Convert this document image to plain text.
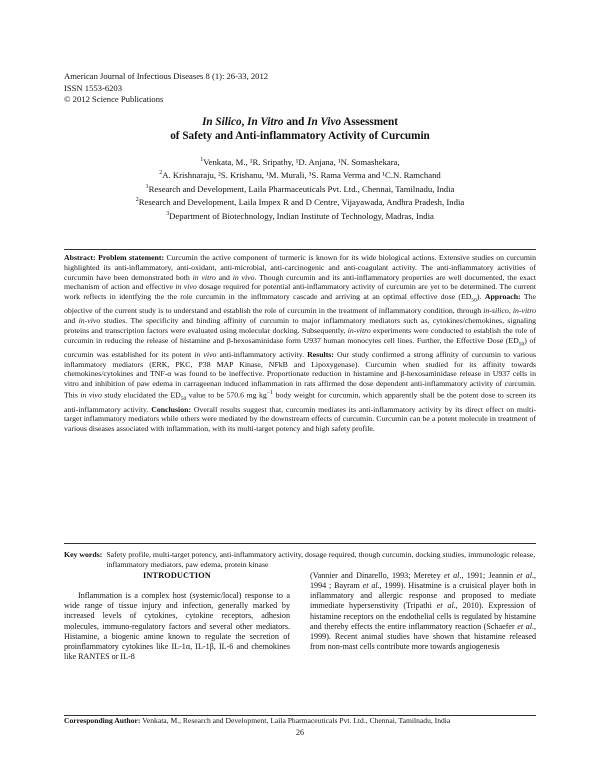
American Journal of Infectious Diseases 8 (1): 26-33, 2012
ISSN 1553-6203
© 2012 Science Publications
In Silico, In Vitro and In Vivo Assessment
of Safety and Anti-inflammatory Activity of Curcumin
$^1$Venkata, M., ¹R. Sripathy, ¹D. Anjana, ¹N. Somashekara,
$^2$A. Krishnaraju, ²S. Krishanu, ¹M. Murali, ³S. Rama Verma and ¹C.N. Ramchand
$^1$Research and Development, Laila Pharmaceuticals Pvt. Ltd., Chennai, Tamilnadu, India
$^2$Research and Development, Laila Impex R and D Centre, Vijayawada, Andhra Pradesh, India
$^3$Department of Biotechnology, Indian Institute of Technology, Madras, India
Abstract: Problem statement: Curcumin the active component of turmeric is known for its wide biological actions. Extensive studies on curcumin highlighted its anti-inflammatory, anti-oxidant, anti-microbial, anti-carcinogenic and anti-coagulant activity. The anti-inflammatory activities of curcumin have been demonstrated both in vitro and in vivo. Though curcumin and its anti-inflammatory properties are well documented, the exact mechanism of action and effective in vivo dosage required for potential anti-inflammatory activity of curcumin are yet to be determined. The current work reflects in identfying the the role curcumin in the inflmmatory cascade and arriving at an optimal effective dose $(ED_{50})$. Approach: The objective of the current study is to understand and establish the role of curcumin in the treatment of inflammatory condition, through in-silico, in-vitro and in-vivo studies. The specificity and binding affinity of curcumin to major inflammatory mediators such as, cytokines/chemokines, signaling proteins and transcription factors were evaluated using molecular docking. Subsequently, in-vitro experiments were conducted to establish the role of curcumin in reducing the release of histamine and β-hexosaminidase form U937 human monocytes cell lines. Further, the Effective Dose $(ED_{50})$ of curcumin was established for its potent in vivo anti-inflammatory activity. Results: Our study confirmed a strong affinity of curcumin to various inflammatory mediators (ERK, PKC, P38 MAP Kinase, NFkB and Lipoxygenase). Curcumin when studied for its affinity towards chemokines/cytokines and TNF-α was found to be ineffective. Proportionate reduction in histamine and β-hexosaminidase release in U937 cells in vitro and inhibition of paw edema in carrageenan induced inflammation in rats affirmed the dose dependent anti-inflammatory activity of curcumin. This in vivo study elucidated the $ED_{50}$ value to be 570.6 mg $kg^{-1}$ body weight for curcumin, which apparently shall be the potent dose to screen its anti-inflammatory activity. Conclusion: Overall results suggest that, curcumin mediates its anti-inflammatory activity by its direct effect on multi-target inflammatory mediators while others were mediated by the downstream effects of curcumin. Curcumin can be a potent molecule in treatment of various diseases associated with inflammation, with its multi-target potency and high safety profile.
Key words: Safety profile, multi-target potency, anti-inflammatory activity, dosage required, though curcumin, docking studies, immunologic release, inflammatory mediators, paw edema, protein kinase
INTRODUCTION
Inflammation is a complex host (systemic/local) response to a wide range of tissue injury and infection, generally marked by increased levels of cytokines, cytokine receptors, adhesion molecules, immuno-regulatory factors and several other mediators. Histamine, a biogenic amine known to regulate the secretion of proinflammatory cytokines like IL-1α, IL-1β, IL-6 and chemokines like RANTES or IL-8
(Vannier and Dinarello, 1993; Meretey et al., 1991; Jeannin et al., 1994 ; Bayram et al., 1999). Hisatmine is a cruisical player both in inflammatory and allergic response and proposed to mediate immediate hypersenstivity (Tripathi et al., 2010). Expression of histamine receptors on the endothelial cells is regulated by histamine and thereby effects the entire inflammatory reaction (Schaefer et al., 1999). Recent animal studies have shown that histamine released from non-mast cells contribute more towards angiogenesis
Corresponding Author: Venkata, M., Research and Development, Laila Pharmaceuticals Pvt. Ltd., Chennai, Tamilnadu, India
26
